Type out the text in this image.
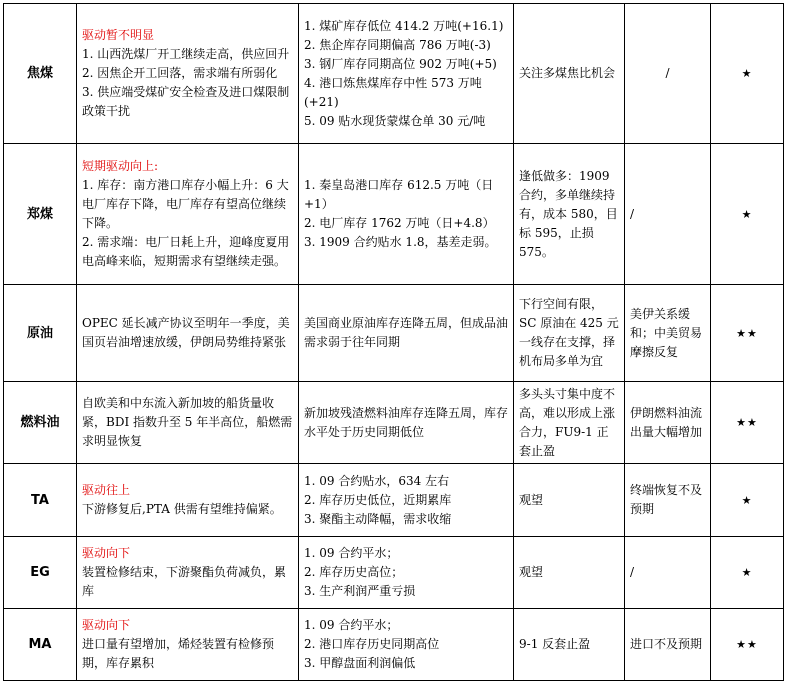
焦煤	驱动暂不明显
1. 山西洗煤厂开工继续走高，供应回升
2. 因焦企开工回落，需求端有所弱化
3. 供应端受煤矿安全检查及进口煤限制政策干扰	1. 煤矿库存低位 414.2 万吨(+16.1)
2. 焦企库存同期偏高 786 万吨(-3)
3. 钢厂库存同期高位 902 万吨(+5)
4. 港口炼焦煤库存中性 573 万吨(+21)
5. 09 贴水现货蒙煤仓单 30 元/吨	关注多煤焦比机会	/	★
郑煤	短期驱动向上:
1. 库存：南方港口库存小幅上升：6 大电厂库存下降，电厂库存有望高位继续下降。
2. 需求端：电厂日耗上升，迎峰度夏用电高峰来临，短期需求有望继续走强。	1. 秦皇岛港口库存 612.5 万吨（日+1）
2. 电厂库存 1762 万吨（日+4.8）
3. 1909 合约贴水 1.8，基差走弱。	逢低做多：1909 合约，多单继续持有，成本 580，目标 595，止损 575。	/	★
原油	OPEC 延长减产协议至明年一季度，美国页岩油增速放缓，伊朗局势维持紧张	美国商业原油库存连降五周，但成品油需求弱于往年同期	下行空间有限，SC 原油在 425 元一线存在支撑，择机布局多单为宜	美伊关系缓和；中美贸易摩擦反复	★★
燃料油	自欧美和中东流入新加坡的船货量收紧，BDI 指数升至 5 年半高位，船燃需求明显恢复	新加坡残渣燃料油库存连降五周，库存水平处于历史同期低位	多头头寸集中度不高，难以形成上涨合力，FU9-1 正套止盈	伊朗燃料油流出量大幅增加	★★
TA	驱动往上
下游修复后,PTA 供需有望维持偏紧。	1. 09 合约贴水，634 左右
2. 库存历史低位，近期累库
3. 聚酯主动降幅，需求收缩	观望	终端恢复不及预期	★
EG	驱动向下
装置检修结束，下游聚酯负荷减负，累库	1. 09 合约平水；
2. 库存历史高位；
3. 生产利润严重亏损	观望	/	★
MA	驱动向下
进口量有望增加，烯烃装置有检修预期，库存累积	1. 09 合约平水；
2. 港口库存历史同期高位
3. 甲醇盘面利润偏低	9-1 反套止盈	进口不及预期	★★
